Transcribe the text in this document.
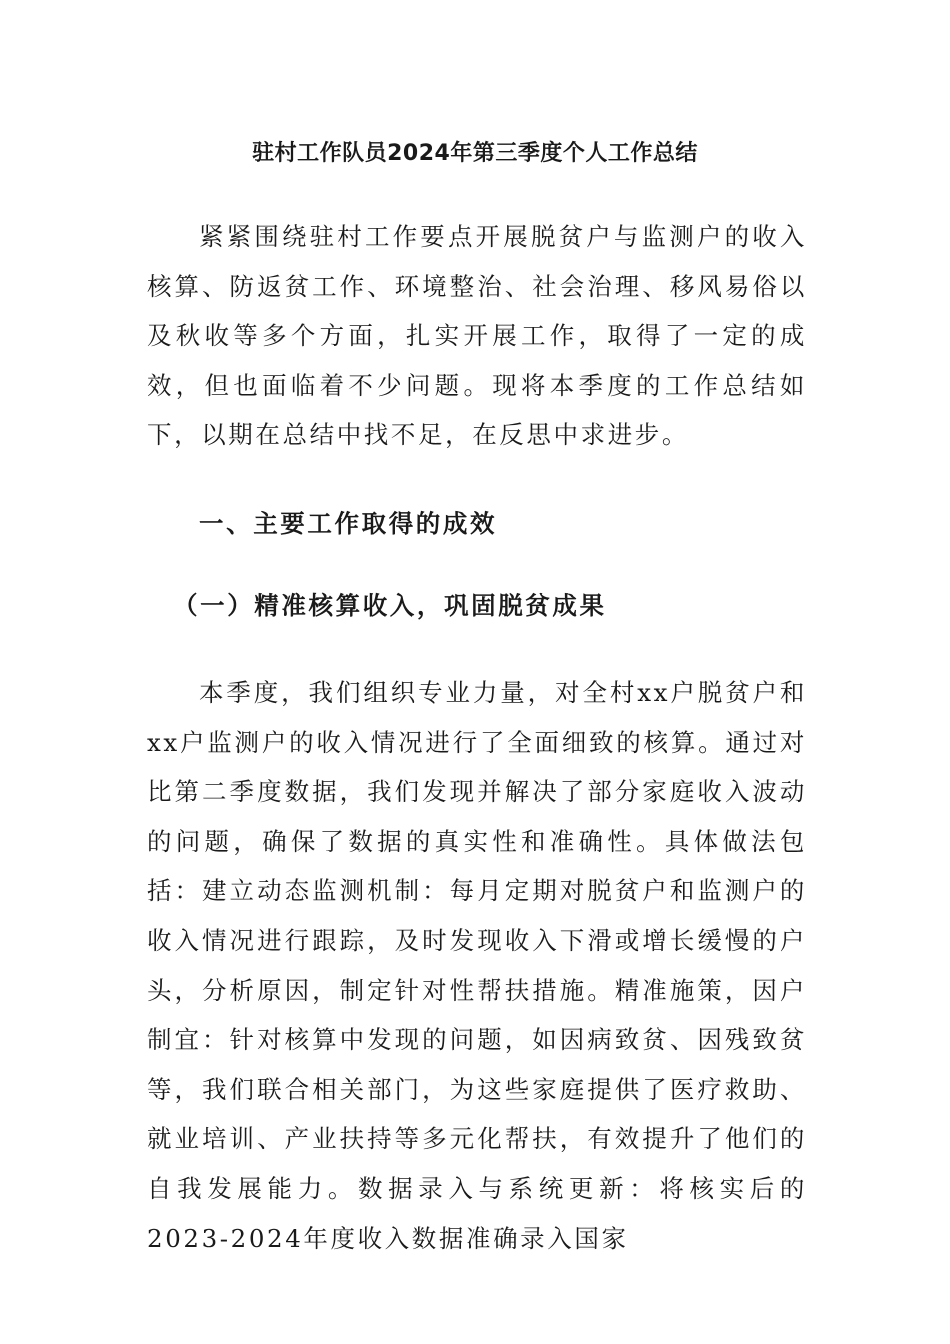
驻村工作队员2024年第三季度个人工作总结

紧紧围绕驻村工作要点开展脱贫户与监测户的收入核算、防返贫工作、环境整治、社会治理、移风易俗以及秋收等多个方面，扎实开展工作，取得了一定的成效，但也面临着不少问题。现将本季度的工作总结如下，以期在总结中找不足，在反思中求进步。

一、主要工作取得的成效
（一）精准核算收入，巩固脱贫成果

本季度，我们组织专业力量，对全村xx户脱贫户和xx户监测户的收入情况进行了全面细致的核算。通过对比第二季度数据，我们发现并解决了部分家庭收入波动的问题，确保了数据的真实性和准确性。具体做法包括：建立动态监测机制：每月定期对脱贫户和监测户的收入情况进行跟踪，及时发现收入下滑或增长缓慢的户头，分析原因，制定针对性帮扶措施。精准施策，因户制宜：针对核算中发现的问题，如因病致贫、因残致贫等，我们联合相关部门，为这些家庭提供了医疗救助、就业培训、产业扶持等多元化帮扶，有效提升了他们的自我发展能力。数据录入与系统更新：将核实后的2023-2024年度收入数据准确录入国家
